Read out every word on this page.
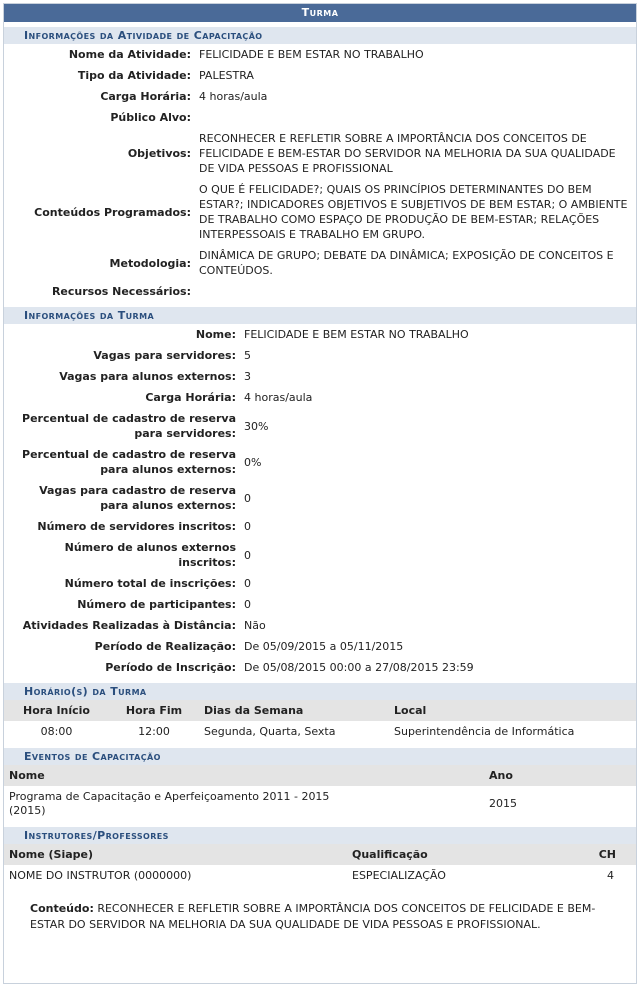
Turma
Informações da Atividade de Capacitação
Nome da Atividade:	FELICIDADE E BEM ESTAR NO TRABALHO
Tipo da Atividade:	PALESTRA
Carga Horária:	4 horas/aula
Público Alvo:	
Objetivos:	RECONHECER E REFLETIR SOBRE A IMPORTÂNCIA DOS CONCEITOS DE FELICIDADE E BEM-ESTAR DO SERVIDOR NA MELHORIA DA SUA QUALIDADE DE VIDA PESSOAS E PROFISSIONAL
Conteúdos Programados:	O QUE É FELICIDADE?; QUAIS OS PRINCÍPIOS DETERMINANTES DO BEM ESTAR?; INDICADORES OBJETIVOS E SUBJETIVOS DE BEM ESTAR; O AMBIENTE DE TRABALHO COMO ESPAÇO DE PRODUÇÃO DE BEM-ESTAR; RELAÇÕES INTERPESSOAIS E TRABALHO EM GRUPO.
Metodologia:	DINÂMICA DE GRUPO; DEBATE DA DINÂMICA; EXPOSIÇÃO DE CONCEITOS E CONTEÚDOS.
Recursos Necessários:	
Informações da Turma
Nome:	FELICIDADE E BEM ESTAR NO TRABALHO
Vagas para servidores:	5
Vagas para alunos externos:	3
Carga Horária:	4 horas/aula
Percentual de cadastro de reserva para servidores:	30%
Percentual de cadastro de reserva para alunos externos:	0%
Vagas para cadastro de reserva para alunos externos:	0
Número de servidores inscritos:	0
Número de alunos externos inscritos:	0
Número total de inscrições:	0
Número de participantes:	0
Atividades Realizadas à Distância:	Não
Período de Realização:	De 05/09/2015 a 05/11/2015
Período de Inscrição:	De 05/08/2015 00:00 a 27/08/2015 23:59
Horário(s) da Turma
Hora Início	Hora Fim	Dias da Semana	Local
08:00	12:00	Segunda, Quarta, Sexta	Superintendência de Informática
Eventos de Capacitação
Nome	Ano
Programa de Capacitação e Aperfeiçoamento 2011 - 2015 (2015)	2015
Instrutores/Professores
Nome (Siape)	Qualificação	CH
NOME DO INSTRUTOR (0000000)	ESPECIALIZAÇÃO	4
Conteúdo: RECONHECER E REFLETIR SOBRE A IMPORTÂNCIA DOS CONCEITOS DE FELICIDADE E BEM-ESTAR DO SERVIDOR NA MELHORIA DA SUA QUALIDADE DE VIDA PESSOAS E PROFISSIONAL.
